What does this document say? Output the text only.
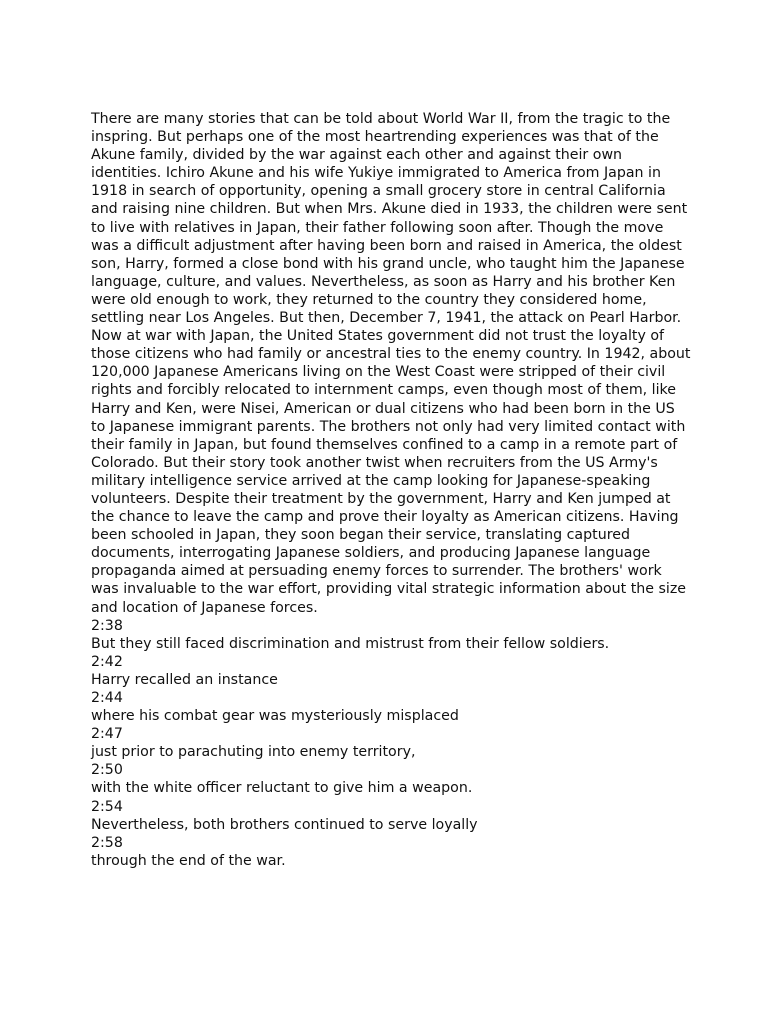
There are many stories that can be told about World War II, from the tragic to the inspring. But perhaps one of the most heartrending experiences was that of the Akune family, divided by the war against each other and against their own identities. Ichiro Akune and his wife Yukiye immigrated to America from Japan in 1918 in search of opportunity, opening a small grocery store in central California and raising nine children. But when Mrs. Akune died in 1933, the children were sent to live with relatives in Japan, their father following soon after. Though the move was a difficult adjustment after having been born and raised in America, the oldest son, Harry, formed a close bond with his grand uncle, who taught him the Japanese language, culture, and values. Nevertheless, as soon as Harry and his brother Ken were old enough to work, they returned to the country they considered home, settling near Los Angeles. But then, December 7, 1941, the attack on Pearl Harbor. Now at war with Japan, the United States government did not trust the loyalty of those citizens who had family or ancestral ties to the enemy country. In 1942, about 120,000 Japanese Americans living on the West Coast were stripped of their civil rights and forcibly relocated to internment camps, even though most of them, like Harry and Ken, were Nisei, American or dual citizens who had been born in the US to Japanese immigrant parents. The brothers not only had very limited contact with their family in Japan, but found themselves confined to a camp in a remote part of Colorado. But their story took another twist when recruiters from the US Army's military intelligence service arrived at the camp looking for Japanese-speaking volunteers. Despite their treatment by the government, Harry and Ken jumped at the chance to leave the camp and prove their loyalty as American citizens. Having been schooled in Japan, they soon began their service, translating captured documents, interrogating Japanese soldiers, and producing Japanese language propaganda aimed at persuading enemy forces to surrender. The brothers' work was invaluable to the war effort, providing vital strategic information about the size and location of Japanese forces.

2:38
But they still faced discrimination and mistrust from their fellow soldiers.
2:42
Harry recalled an instance
2:44
where his combat gear was mysteriously misplaced
2:47
just prior to parachuting into enemy territory,
2:50
with the white officer reluctant to give him a weapon.
2:54
Nevertheless, both brothers continued to serve loyally
2:58
through the end of the war.
